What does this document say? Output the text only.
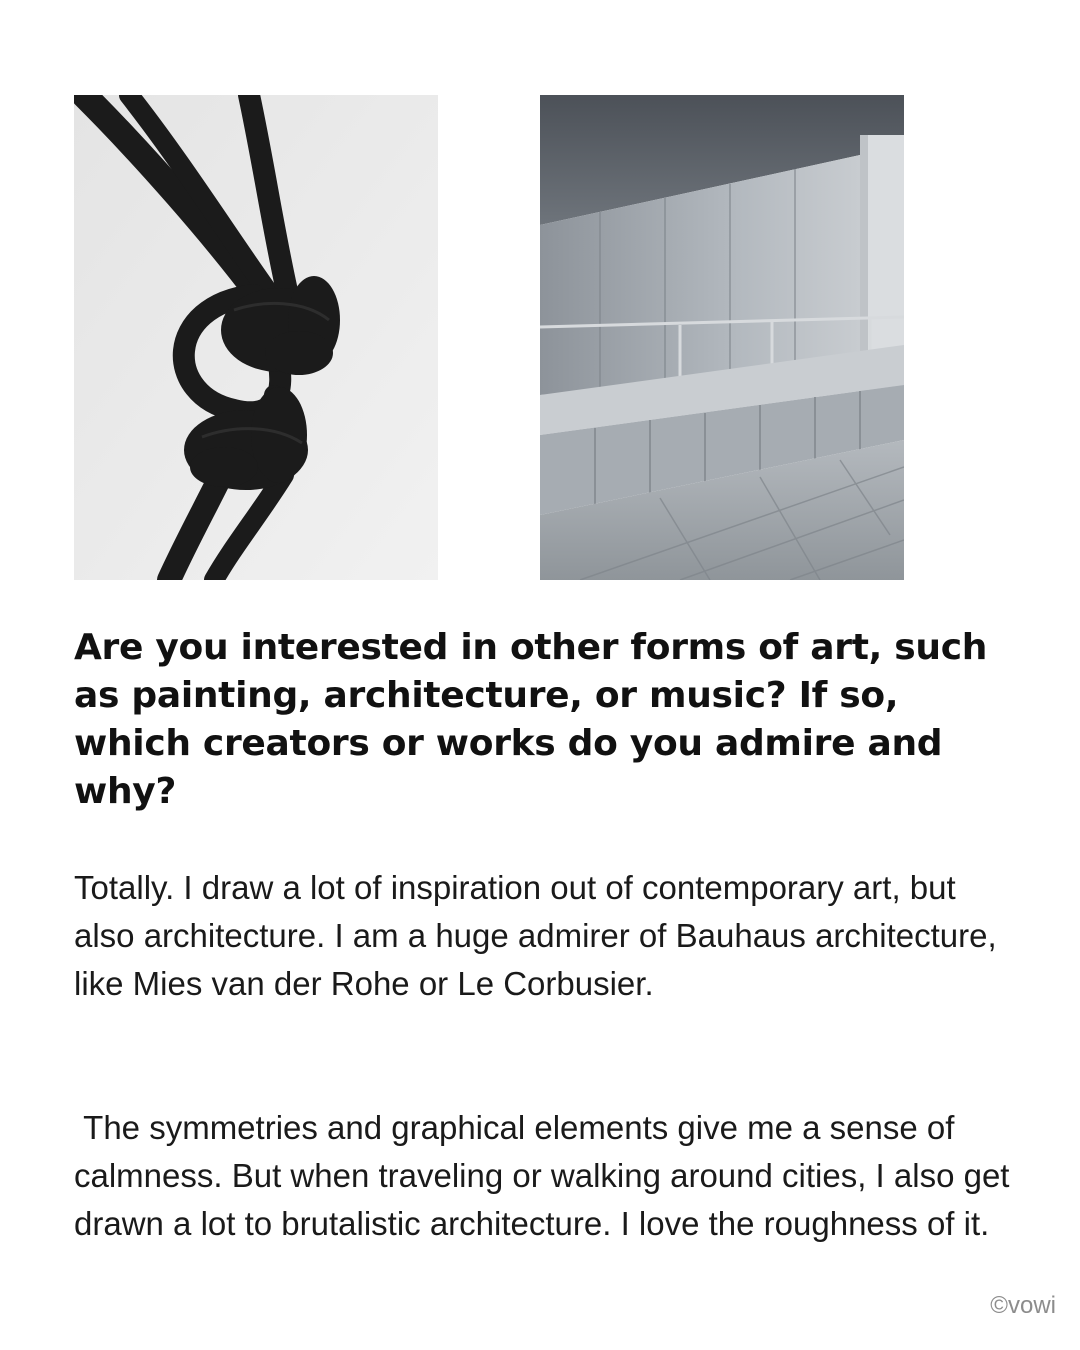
Are you interested in other forms of art, such as painting, architecture, or music? If so, which creators or works do you admire and why?

Totally. I draw a lot of inspiration out of contemporary art, but also architecture. I am a huge admirer of Bauhaus architecture, like Mies van der Rohe or Le Corbusier.

The symmetries and graphical elements give me a sense of calmness. But when traveling or walking around cities, I also get drawn a lot to brutalistic architecture. I love the roughness of it.

©vowi
